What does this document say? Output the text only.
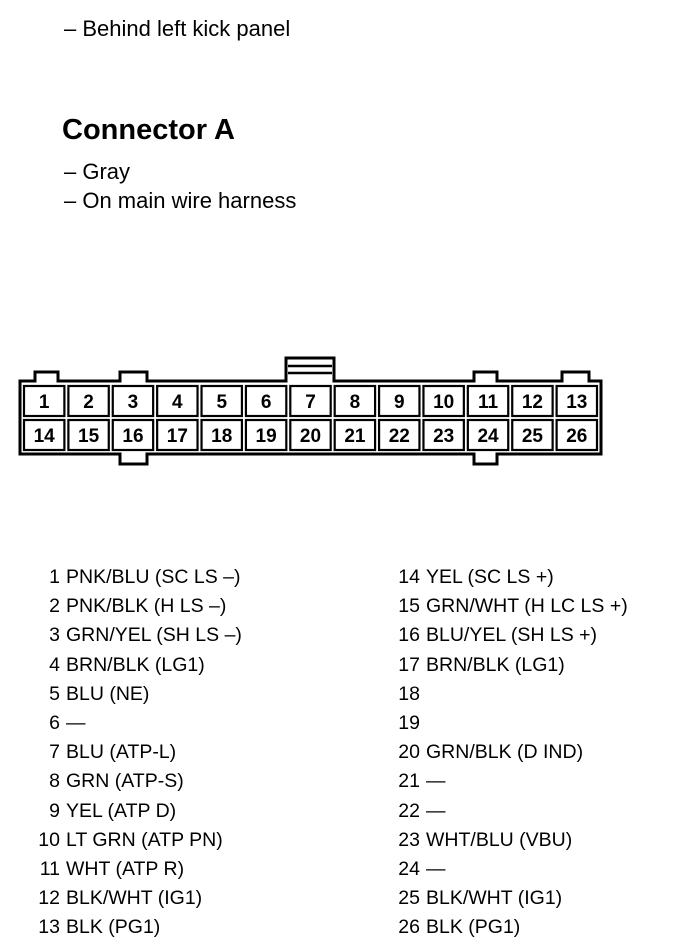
– Behind left kick panel
Connector A
– Gray
– On main wire harness
1 2 3 4 5 6 7 8 9 10 11 12 13
14 15 16 17 18 19 20 21 22 23 24 25 26
1 PNK/BLU (SC LS –)
2 PNK/BLK (H LS –)
3 GRN/YEL (SH LS –)
4 BRN/BLK (LG1)
5 BLU (NE)
6 —
7 BLU (ATP-L)
8 GRN (ATP-S)
9 YEL (ATP D)
10 LT GRN (ATP PN)
11 WHT (ATP R)
12 BLK/WHT (IG1)
13 BLK (PG1)
14 YEL (SC LS +)
15 GRN/WHT (H LC LS +)
16 BLU/YEL (SH LS +)
17 BRN/BLK (LG1)
18
19
20 GRN/BLK (D IND)
21 —
22 —
23 WHT/BLU (VBU)
24 —
25 BLK/WHT (IG1)
26 BLK (PG1)
